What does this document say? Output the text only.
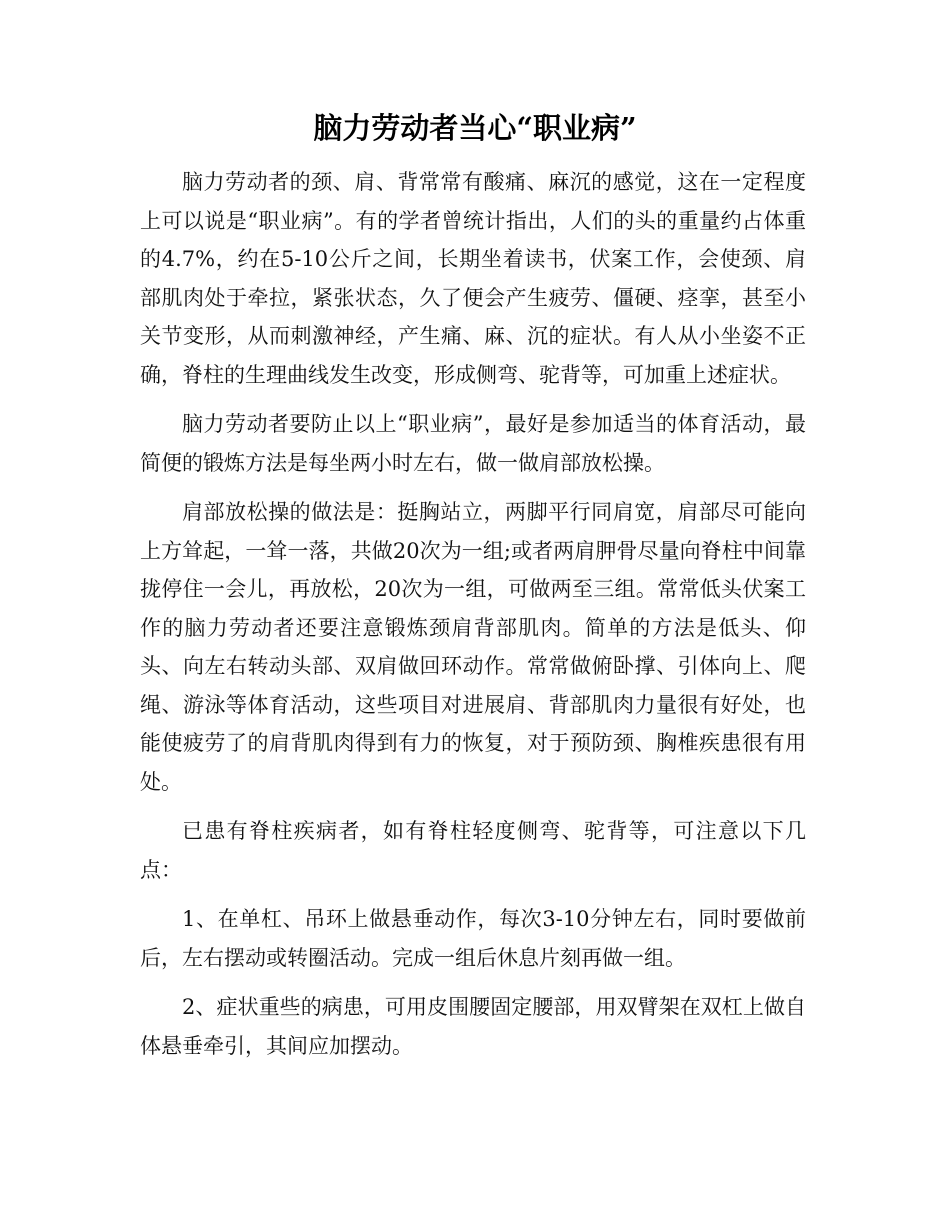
脑力劳动者当心“职业病”

脑力劳动者的颈、肩、背常常有酸痛、麻沉的感觉，这在一定程度上可以说是“职业病”。有的学者曾统计指出，人们的头的重量约占体重的4.7%，约在5-10公斤之间，长期坐着读书，伏案工作，会使颈、肩部肌肉处于牵拉，紧张状态，久了便会产生疲劳、僵硬、痉挛，甚至小关节变形，从而刺激神经，产生痛、麻、沉的症状。有人从小坐姿不正确，脊柱的生理曲线发生改变，形成侧弯、驼背等，可加重上述症状。

脑力劳动者要防止以上“职业病”，最好是参加适当的体育活动，最简便的锻炼方法是每坐两小时左右，做一做肩部放松操。

肩部放松操的做法是：挺胸站立，两脚平行同肩宽，肩部尽可能向上方耸起，一耸一落，共做20次为一组;或者两肩胛骨尽量向脊柱中间靠拢停住一会儿，再放松，20次为一组，可做两至三组。常常低头伏案工作的脑力劳动者还要注意锻炼颈肩背部肌肉。简单的方法是低头、仰头、向左右转动头部、双肩做回环动作。常常做俯卧撑、引体向上、爬绳、游泳等体育活动，这些项目对进展肩、背部肌肉力量很有好处，也能使疲劳了的肩背肌肉得到有力的恢复，对于预防颈、胸椎疾患很有用处。

已患有脊柱疾病者，如有脊柱轻度侧弯、驼背等，可注意以下几点：

1、在单杠、吊环上做悬垂动作，每次3-10分钟左右，同时要做前后，左右摆动或转圈活动。完成一组后休息片刻再做一组。

2、症状重些的病患，可用皮围腰固定腰部，用双臂架在双杠上做自体悬垂牵引，其间应加摆动。
